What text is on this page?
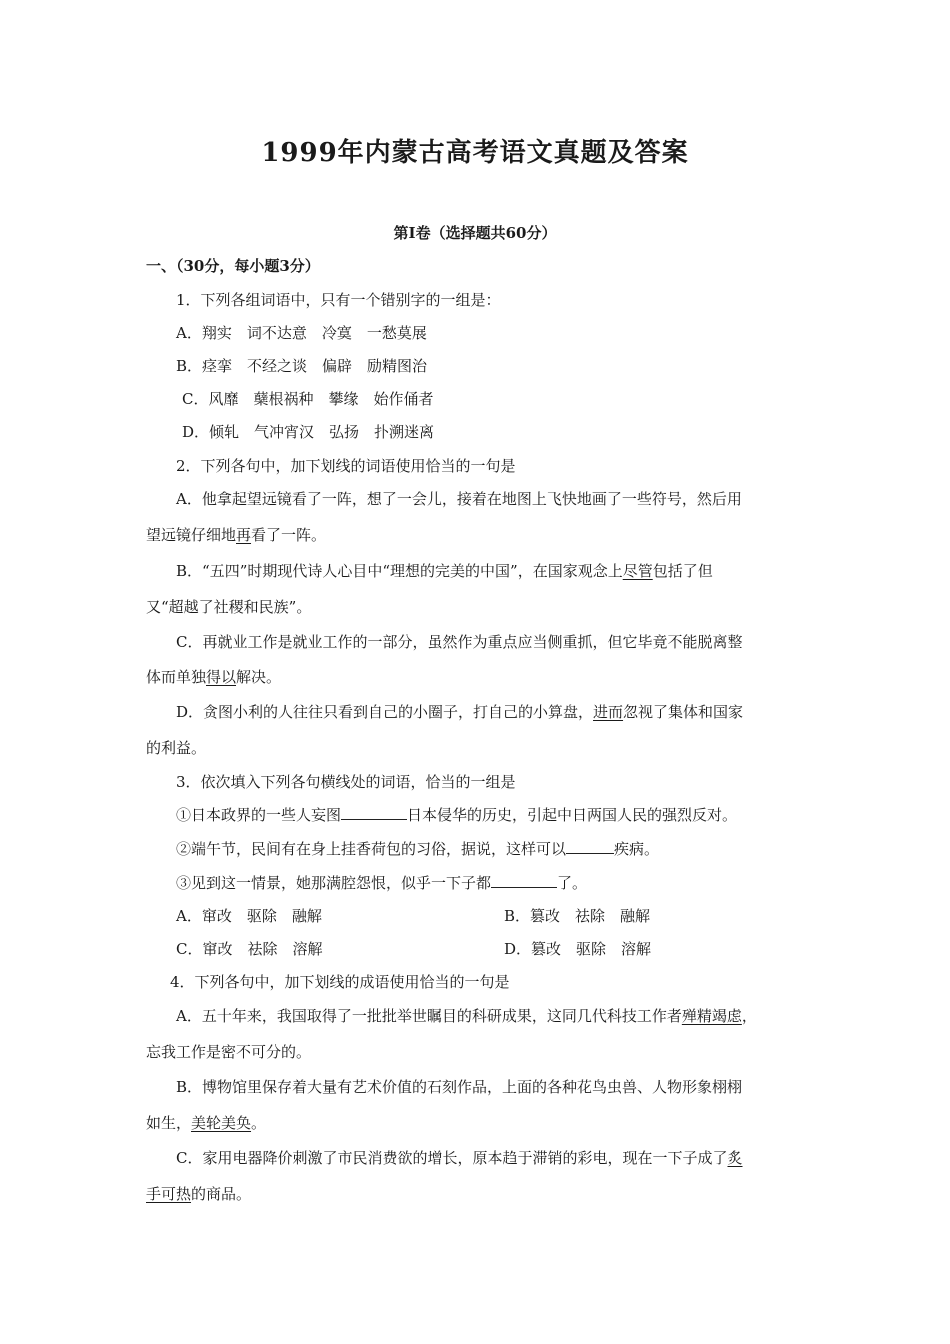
1999年内蒙古高考语文真题及答案
第Ⅰ卷（选择题共60分）
一、（30分，每小题3分）
1．下列各组词语中，只有一个错别字的一组是：
A．翔实　词不达意　冷寞　一愁莫展
B．痉挛　不经之谈　偏辟　励精图治
C．风靡　蘖根祸种　攀缘　始作俑者
D．倾轧　气冲宵汉　弘扬　扑溯迷离
2．下列各句中，加下划线的词语使用恰当的一句是
A．他拿起望远镜看了一阵，想了一会儿，接着在地图上飞快地画了一些符号，然后用
望远镜仔细地再看了一阵。
B．“五四”时期现代诗人心目中“理想的完美的中国”，在国家观念上尽管包括了但
又“超越了社稷和民族”。
C．再就业工作是就业工作的一部分，虽然作为重点应当侧重抓，但它毕竟不能脱离整
体而单独得以解决。
D．贪图小利的人往往只看到自己的小圈子，打自己的小算盘，进而忽视了集体和国家
的利益。
3．依次填入下列各句横线处的词语，恰当的一组是
①日本政界的一些人妄图	日本侵华的历史，引起中日两国人民的强烈反对。
②端午节，民间有在身上挂香荷包的习俗，据说，这样可以	疾病。
③见到这一情景，她那满腔怨恨，似乎一下子都	了。
A．窜改　驱除　融解	B．篡改　祛除　融解
C．窜改　祛除　溶解	D．篡改　驱除　溶解
4．下列各句中，加下划线的成语使用恰当的一句是
A．五十年来，我国取得了一批批举世瞩目的科研成果，这同几代科技工作者殚精竭虑，
忘我工作是密不可分的。
B．博物馆里保存着大量有艺术价值的石刻作品，上面的各种花鸟虫兽、人物形象栩栩
如生，美轮美奂。
C．家用电器降价刺激了市民消费欲的增长，原本趋于滞销的彩电，现在一下子成了炙
手可热的商品。
